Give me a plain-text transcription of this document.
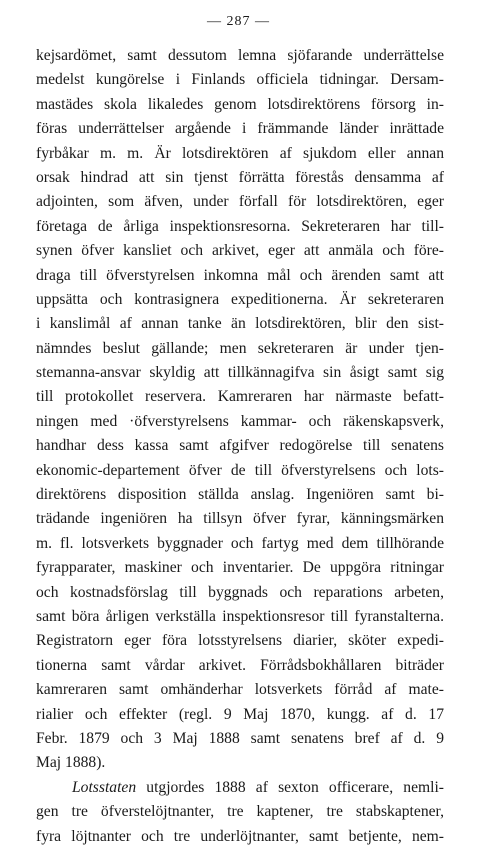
— 287 —
kejsardömet, samt dessutom lemna sjöfarande underrättelse
medelst kungörelse i Finlands officiela tidningar. Dersam-
mastädes skola likaledes genom lotsdirektörens försorg in-
föras underrättelser argående i främmande länder inrättade
fyrbåkar m. m. Är lotsdirektören af sjukdom eller annan
orsak hindrad att sin tjenst förrätta förestås densamma af
adjointen, som äfven, under förfall för lotsdirektören, eger
företaga de årliga inspektionsresorna. Sekreteraren har till-
synen öfver kansliet och arkivet, eger att anmäla och före-
draga till öfverstyrelsen inkomna mål och ärenden samt att
uppsätta och kontrasignera expeditionerna. Är sekreteraren
i kanslimål af annan tanke än lotsdirektören, blir den sist-
nämndes beslut gällande; men sekreteraren är under tjen-
stemanna-ansvar skyldig att tillkännagifva sin åsigt samt sig
till protokollet reservera. Kamreraren har närmaste befatt-
ningen med ·öfverstyrelsens kammar- och räkenskapsverk,
handhar dess kassa samt afgifver redogörelse till senatens
ekonomic-departement öfver de till öfverstyrelsens och lots-
direktörens disposition ställda anslag. Ingeniören samt bi-
trädande ingeniören ha tillsyn öfver fyrar, känningsmärken
m. fl. lotsverkets byggnader och fartyg med dem tillhörande
fyrapparater, maskiner och inventarier. De uppgöra ritningar
och kostnadsförslag till byggnads och reparations arbeten,
samt böra årligen verkställa inspektionsresor till fyranstalterna.
Registratorn eger föra lotsstyrelsens diarier, sköter expedi-
tionerna samt vårdar arkivet. Förrådsbokhållaren biträder
kamreraren samt omhänderhar lotsverkets förråd af mate-
rialier och effekter (regl. 9 Maj 1870, kungg. af d. 17
Febr. 1879 och 3 Maj 1888 samt senatens bref af d. 9
Maj 1888).
Lotsstaten utgjordes 1888 af sexton officerare, nemli-
gen tre öfverstelöjtnanter, tre kaptener, tre stabskaptener,
fyra löjtnanter och tre underlöjtnanter, samt betjente, nem-
